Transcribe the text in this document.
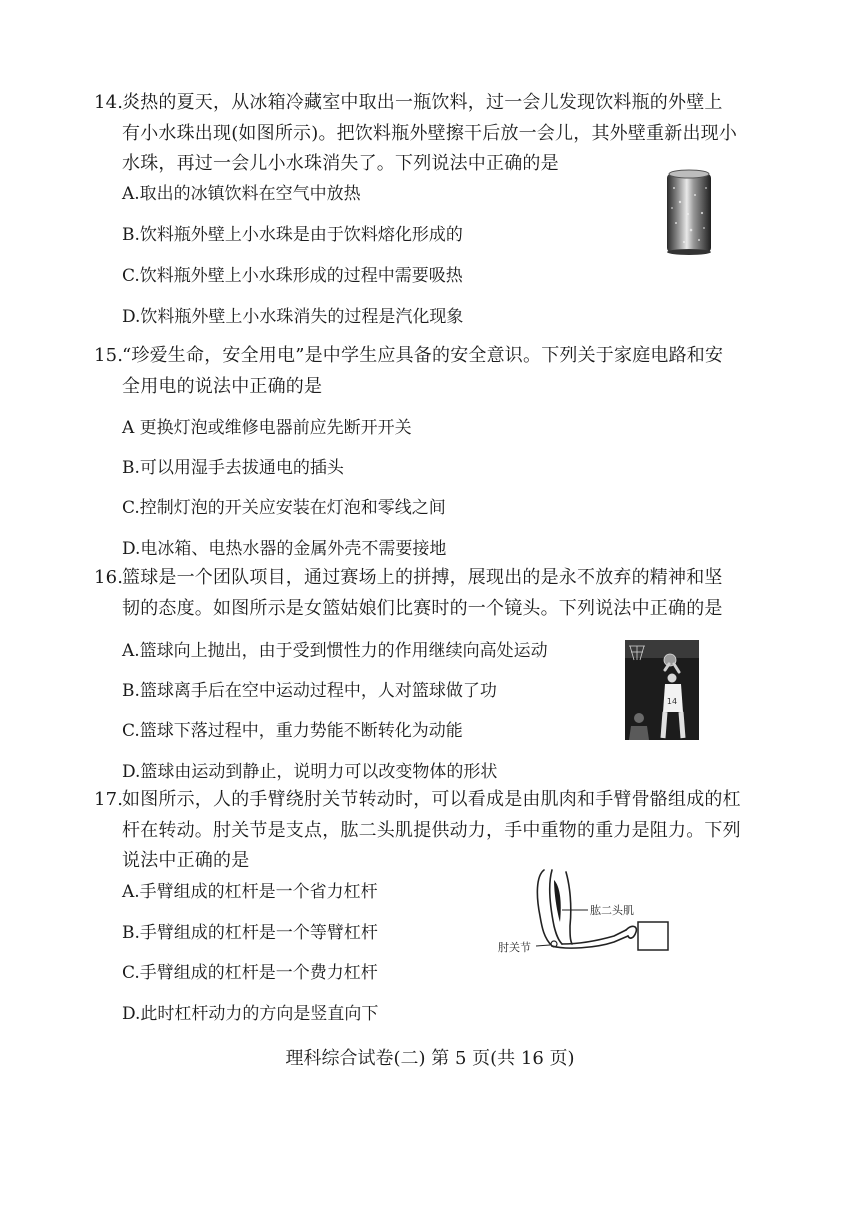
14.
炎热的夏天，从冰箱冷藏室中取出一瓶饮料，过一会儿发现饮料瓶的外壁上
有小水珠出现(如图所示)。把饮料瓶外壁擦干后放一会儿，其外壁重新出现小
水珠，再过一会儿小水珠消失了。下列说法中正确的是
A.取出的冰镇饮料在空气中放热
B.饮料瓶外壁上小水珠是由于饮料熔化形成的
C.饮料瓶外壁上小水珠形成的过程中需要吸热
D.饮料瓶外壁上小水珠消失的过程是汽化现象
15.
“珍爱生命，安全用电”是中学生应具备的安全意识。下列关于家庭电路和安
全用电的说法中正确的是
A 更换灯泡或维修电器前应先断开开关
B.可以用湿手去拔通电的插头
C.控制灯泡的开关应安装在灯泡和零线之间
D.电冰箱、电热水器的金属外壳不需要接地
16.
篮球是一个团队项目，通过赛场上的拼搏，展现出的是永不放弃的精神和坚
韧的态度。如图所示是女篮姑娘们比赛时的一个镜头。下列说法中正确的是
A.篮球向上抛出，由于受到惯性力的作用继续向高处运动
B.篮球离手后在空中运动过程中，人对篮球做了功
C.篮球下落过程中，重力势能不断转化为动能
D.篮球由运动到静止，说明力可以改变物体的形状
14
17.
如图所示，人的手臂绕肘关节转动时，可以看成是由肌肉和手臂骨骼组成的杠
杆在转动。肘关节是支点，肱二头肌提供动力，手中重物的重力是阻力。下列
说法中正确的是
A.手臂组成的杠杆是一个省力杠杆
B.手臂组成的杠杆是一个等臂杠杆
C.手臂组成的杠杆是一个费力杠杆
D.此时杠杆动力的方向是竖直向下
肱二头肌
肘关节
理科综合试卷(二) 第 5 页(共 16 页)
